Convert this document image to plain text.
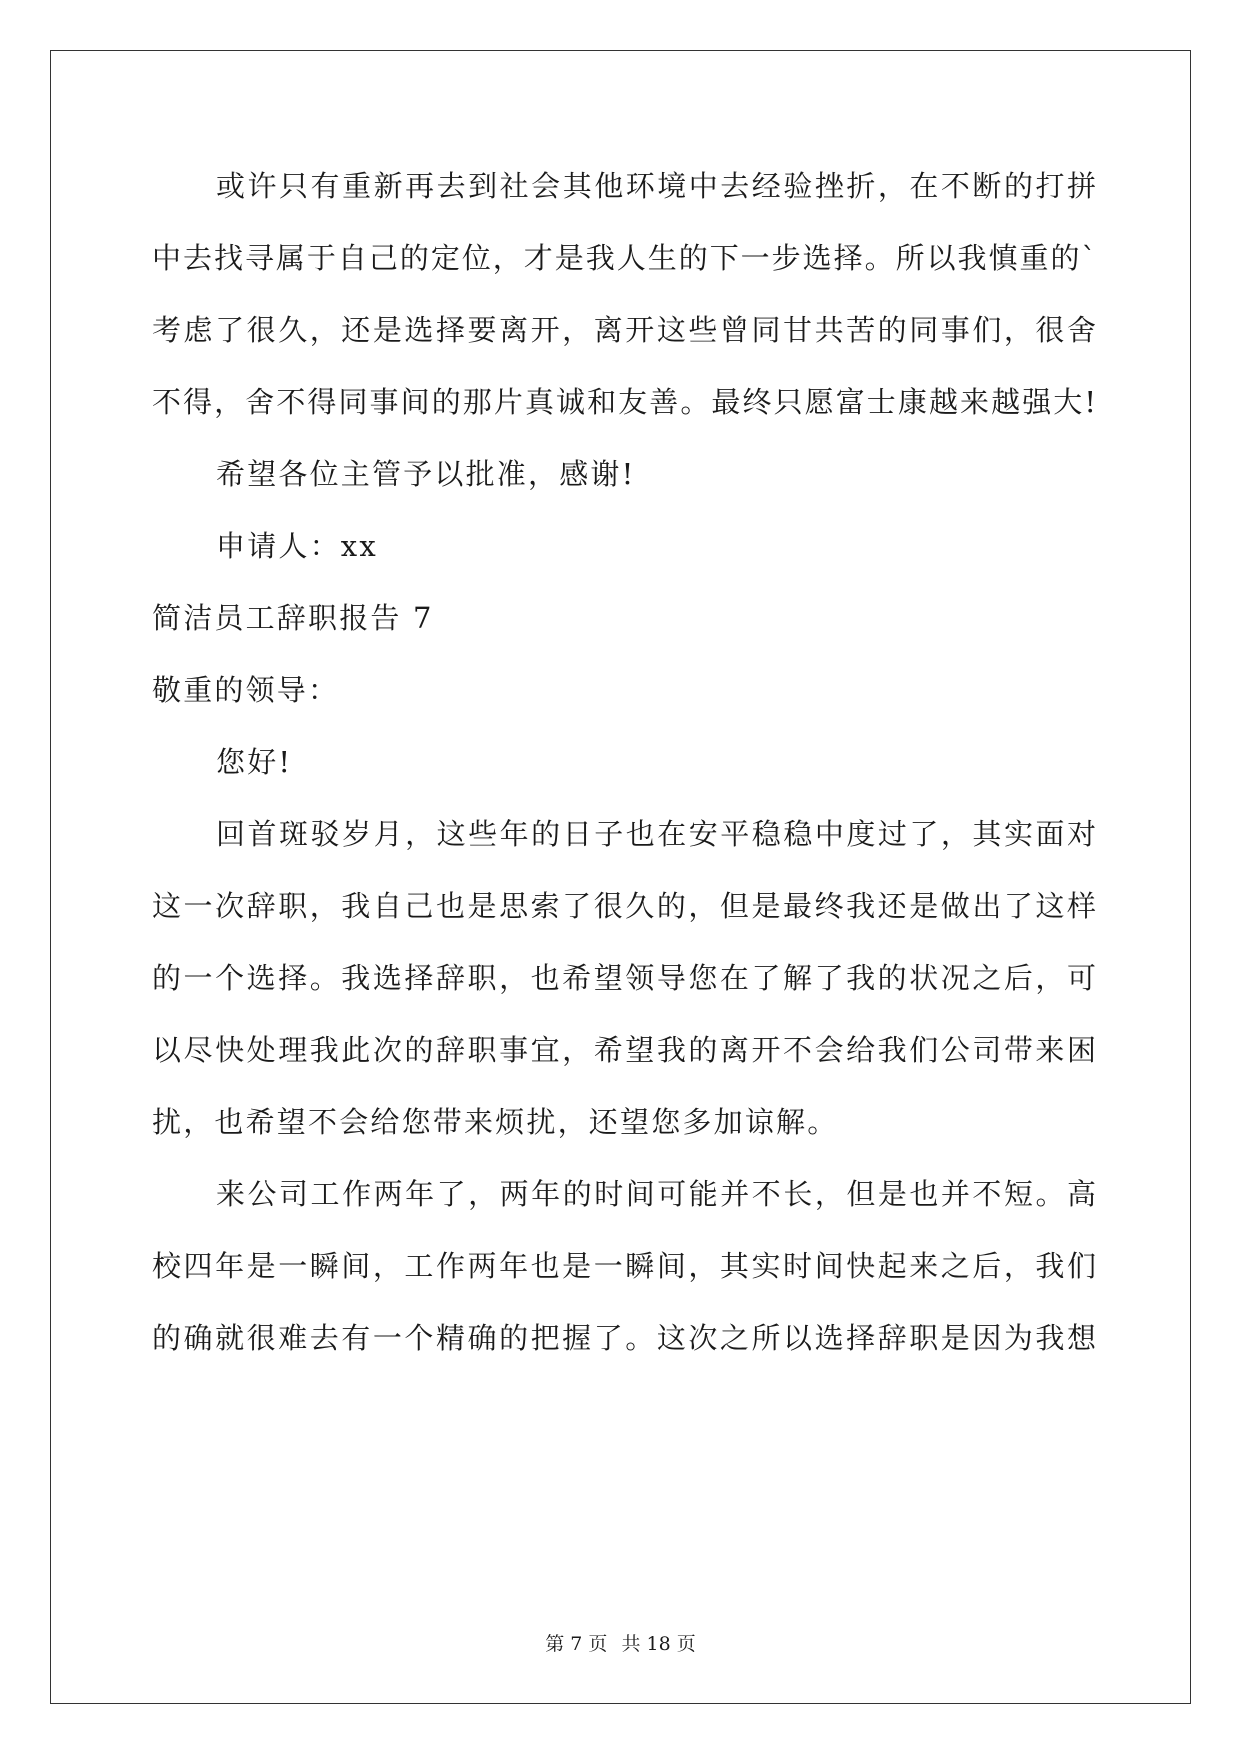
或许只有重新再去到社会其他环境中去经验挫折，在不断的打拼
中去找寻属于自己的定位，才是我人生的下一步选择。所以我慎重的`
考虑了很久，还是选择要离开，离开这些曾同甘共苦的同事们，很舍
不得，舍不得同事间的那片真诚和友善。最终只愿富士康越来越强大!
希望各位主管予以批准，感谢!
申请人：xx
简洁员工辞职报告 7
敬重的领导：
您好!
回首斑驳岁月，这些年的日子也在安平稳稳中度过了，其实面对
这一次辞职，我自己也是思索了很久的，但是最终我还是做出了这样
的一个选择。我选择辞职，也希望领导您在了解了我的状况之后，可
以尽快处理我此次的辞职事宜，希望我的离开不会给我们公司带来困
扰，也希望不会给您带来烦扰，还望您多加谅解。
来公司工作两年了，两年的时间可能并不长，但是也并不短。高
校四年是一瞬间，工作两年也是一瞬间，其实时间快起来之后，我们
的确就很难去有一个精确的把握了。这次之所以选择辞职是因为我想
第 7 页 共 18 页
